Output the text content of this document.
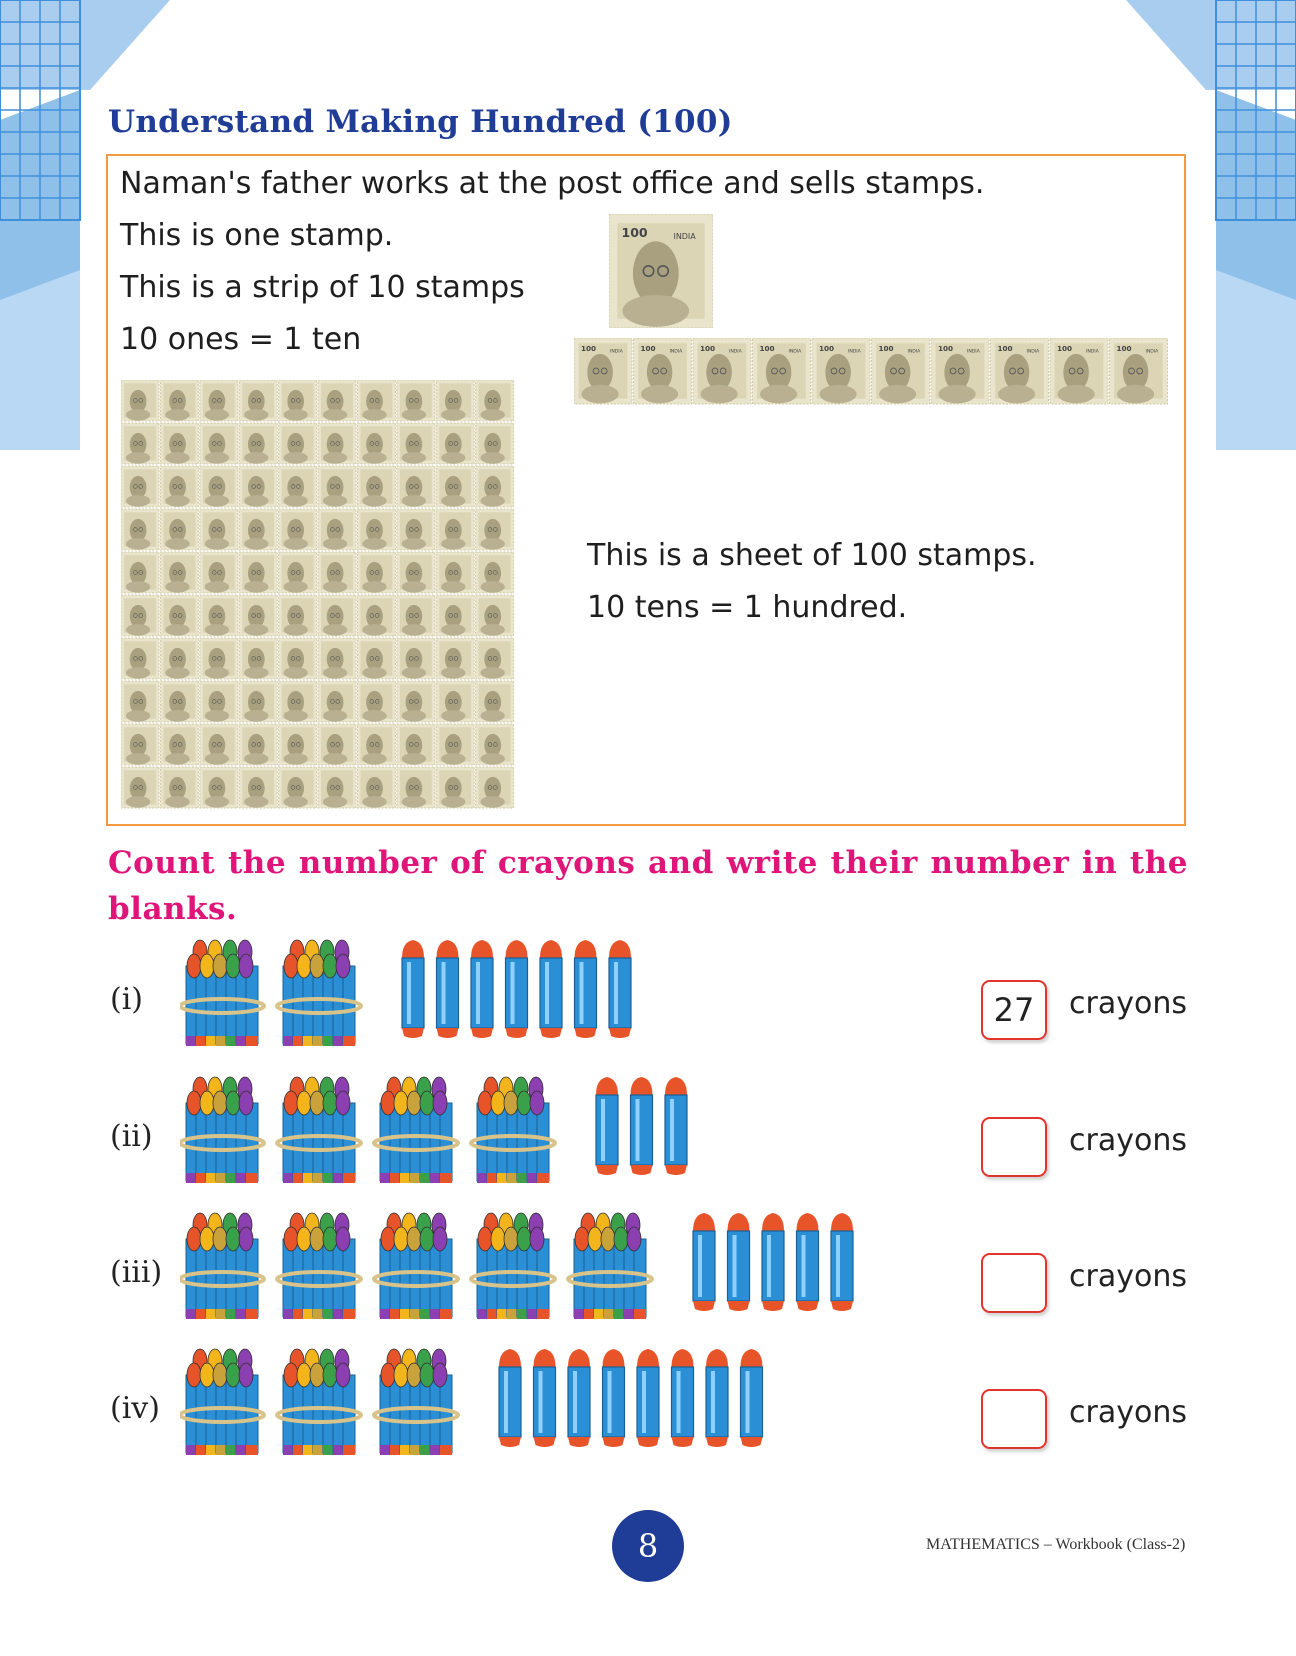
Understand Making Hundred (100)
Naman's father works at the post office and sells stamps.
This is one stamp.
This is a strip of 10 stamps
10 ones = 1 ten
100	INDIA
100	INDIA 100	INDIA 100	INDIA 100	INDIA 100	INDIA 100	INDIA 100	INDIA 100	INDIA 100	INDIA 100	INDIA
This is a sheet of 100 stamps.
10 tens = 1 hundred.
Count the number of crayons and write their number in the blanks.
(i)	27	crayons
(ii)	crayons
(iii)	crayons
(iv)	crayons
8	MATHEMATICS – Workbook (Class-2)
